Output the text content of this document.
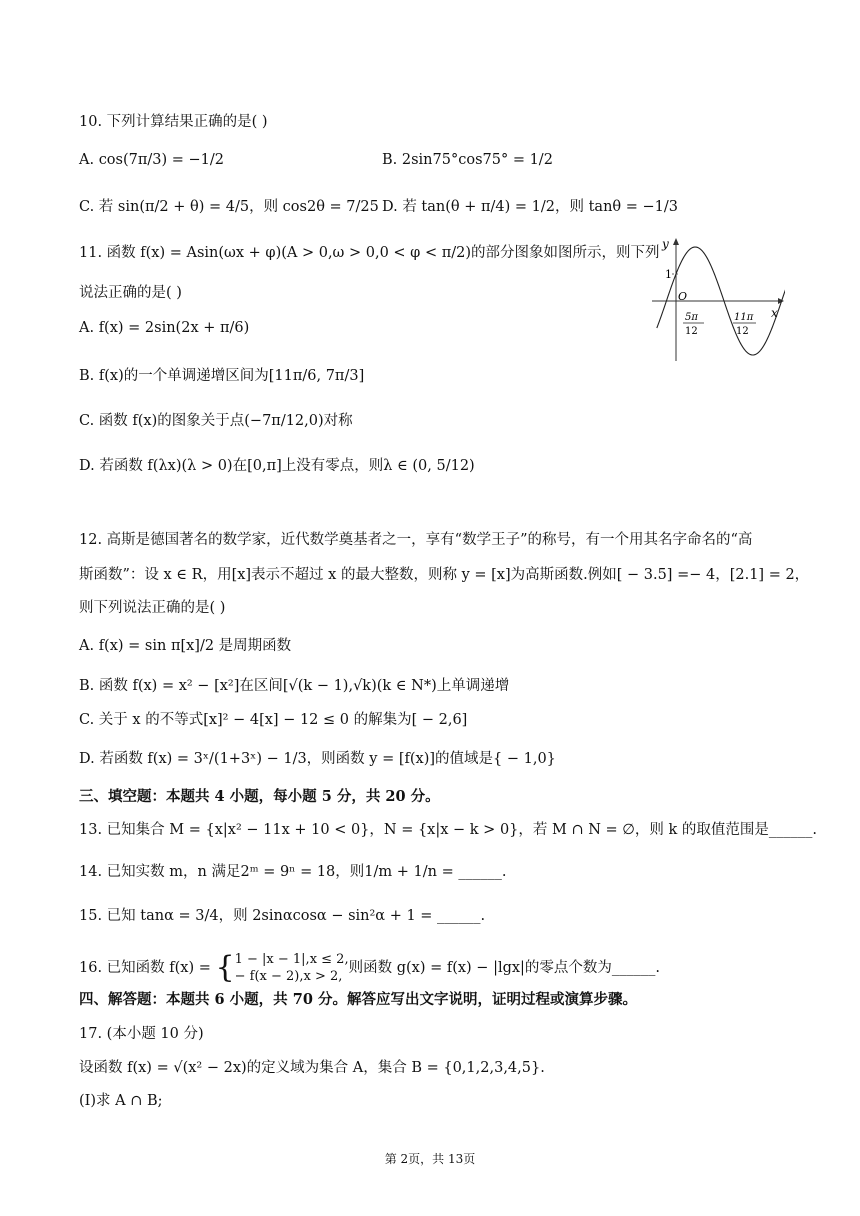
10. 下列计算结果正确的是( )
A. cos(7π/3) = −1/2	B. 2sin75°cos75° = 1/2
C. 若 sin(π/2 + θ) = 4/5，则 cos2θ = 7/25 D. 若 tan(θ + π/4) = 1/2，则 tanθ = −1/3
11. 函数 f(x) = Asin(ωx + φ)(A > 0,ω > 0,0 < φ < π/2)的部分图象如图所示，则下列
说法正确的是( )
A. f(x) = 2sin(2x + π/6)
B. f(x)的一个单调递增区间为[11π/6, 7π/3]
C. 函数 f(x)的图象关于点(−7π/12,0)对称
D. 若函数 f(λx)(λ > 0)在[0,π]上没有零点，则λ ∈ (0, 5/12)
y
x
O
1
5π
12
11π
12
12. 高斯是德国著名的数学家，近代数学奠基者之一，享有“数学王子”的称号，有一个用其名字命名的“高
斯函数”：设 x ∈ R，用[x]表示不超过 x 的最大整数，则称 y = [x]为高斯函数.例如[ − 3.5] =− 4，[2.1] = 2，
则下列说法正确的是( )
A. f(x) = sin π[x]/2 是周期函数
B. 函数 f(x) = x² − [x²]在区间[√(k − 1),√k)(k ∈ N*)上单调递增
C. 关于 x 的不等式[x]² − 4[x] − 12 ≤ 0 的解集为[ − 2,6]
D. 若函数 f(x) = 3ˣ/(1+3ˣ) − 1/3，则函数 y = [f(x)]的值域是{ − 1,0}
三、填空题：本题共 4 小题，每小题 5 分，共 20 分。
13. 已知集合 M = {x|x² − 11x + 10 < 0}，N = {x|x − k > 0}，若 M ∩ N = ∅，则 k 的取值范围是______.
14. 已知实数 m，n 满足2ᵐ = 9ⁿ = 18，则1/m + 1/n = ______.
15. 已知 tanα = 3/4，则 2sinαcosα − sin²α + 1 = ______.
16. 已知函数 f(x) = { 1 − |x − 1|,x ≤ 2,
− f(x − 2),x > 2,
则函数 g(x) = f(x) − |lgx|的零点个数为______.
四、解答题：本题共 6 小题，共 70 分。解答应写出文字说明，证明过程或演算步骤。
17. (本小题 10 分)
设函数 f(x) = √(x² − 2x)的定义域为集合 A，集合 B = {0,1,2,3,4,5}.
(Ⅰ)求 A ∩ B;
第 2页，共 13页
